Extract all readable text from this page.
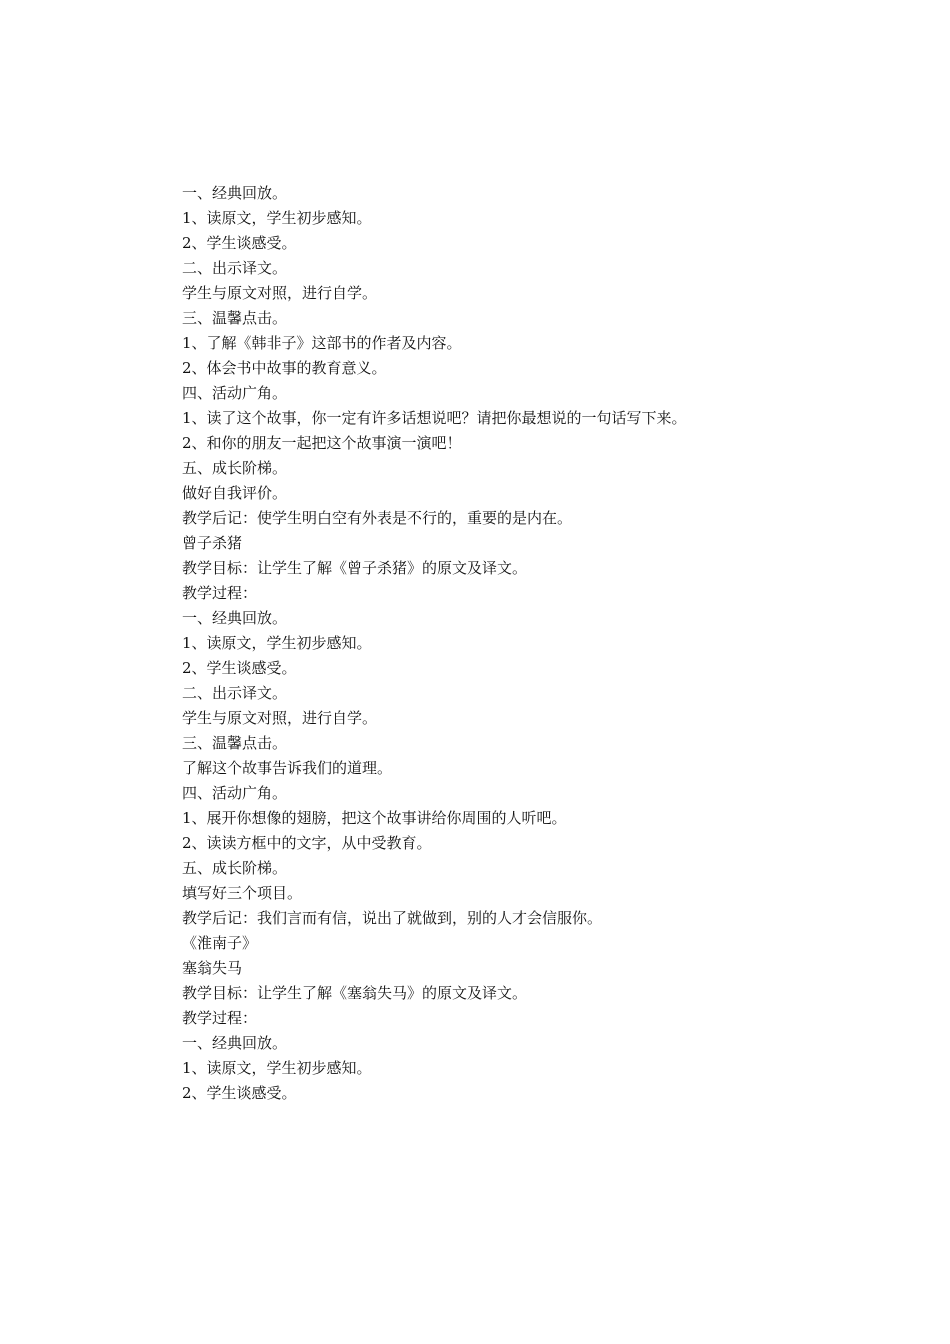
一、经典回放。
1、读原文，学生初步感知。
2、学生谈感受。
二、出示译文。
学生与原文对照，进行自学。
三、温馨点击。
1、了解《韩非子》这部书的作者及内容。
2、体会书中故事的教育意义。
四、活动广角。
1、读了这个故事，你一定有许多话想说吧？请把你最想说的一句话写下来。
2、和你的朋友一起把这个故事演一演吧！
五、成长阶梯。
做好自我评价。
教学后记：使学生明白空有外表是不行的，重要的是内在。
曾子杀猪
教学目标：让学生了解《曾子杀猪》的原文及译文。
教学过程：
一、经典回放。
1、读原文，学生初步感知。
2、学生谈感受。
二、出示译文。
学生与原文对照，进行自学。
三、温馨点击。
了解这个故事告诉我们的道理。
四、活动广角。
1、展开你想像的翅膀，把这个故事讲给你周围的人听吧。
2、读读方框中的文字，从中受教育。
五、成长阶梯。
填写好三个项目。
教学后记：我们言而有信，说出了就做到，别的人才会信服你。
《淮南子》
塞翁失马
教学目标：让学生了解《塞翁失马》的原文及译文。
教学过程：
一、经典回放。
1、读原文，学生初步感知。
2、学生谈感受。
